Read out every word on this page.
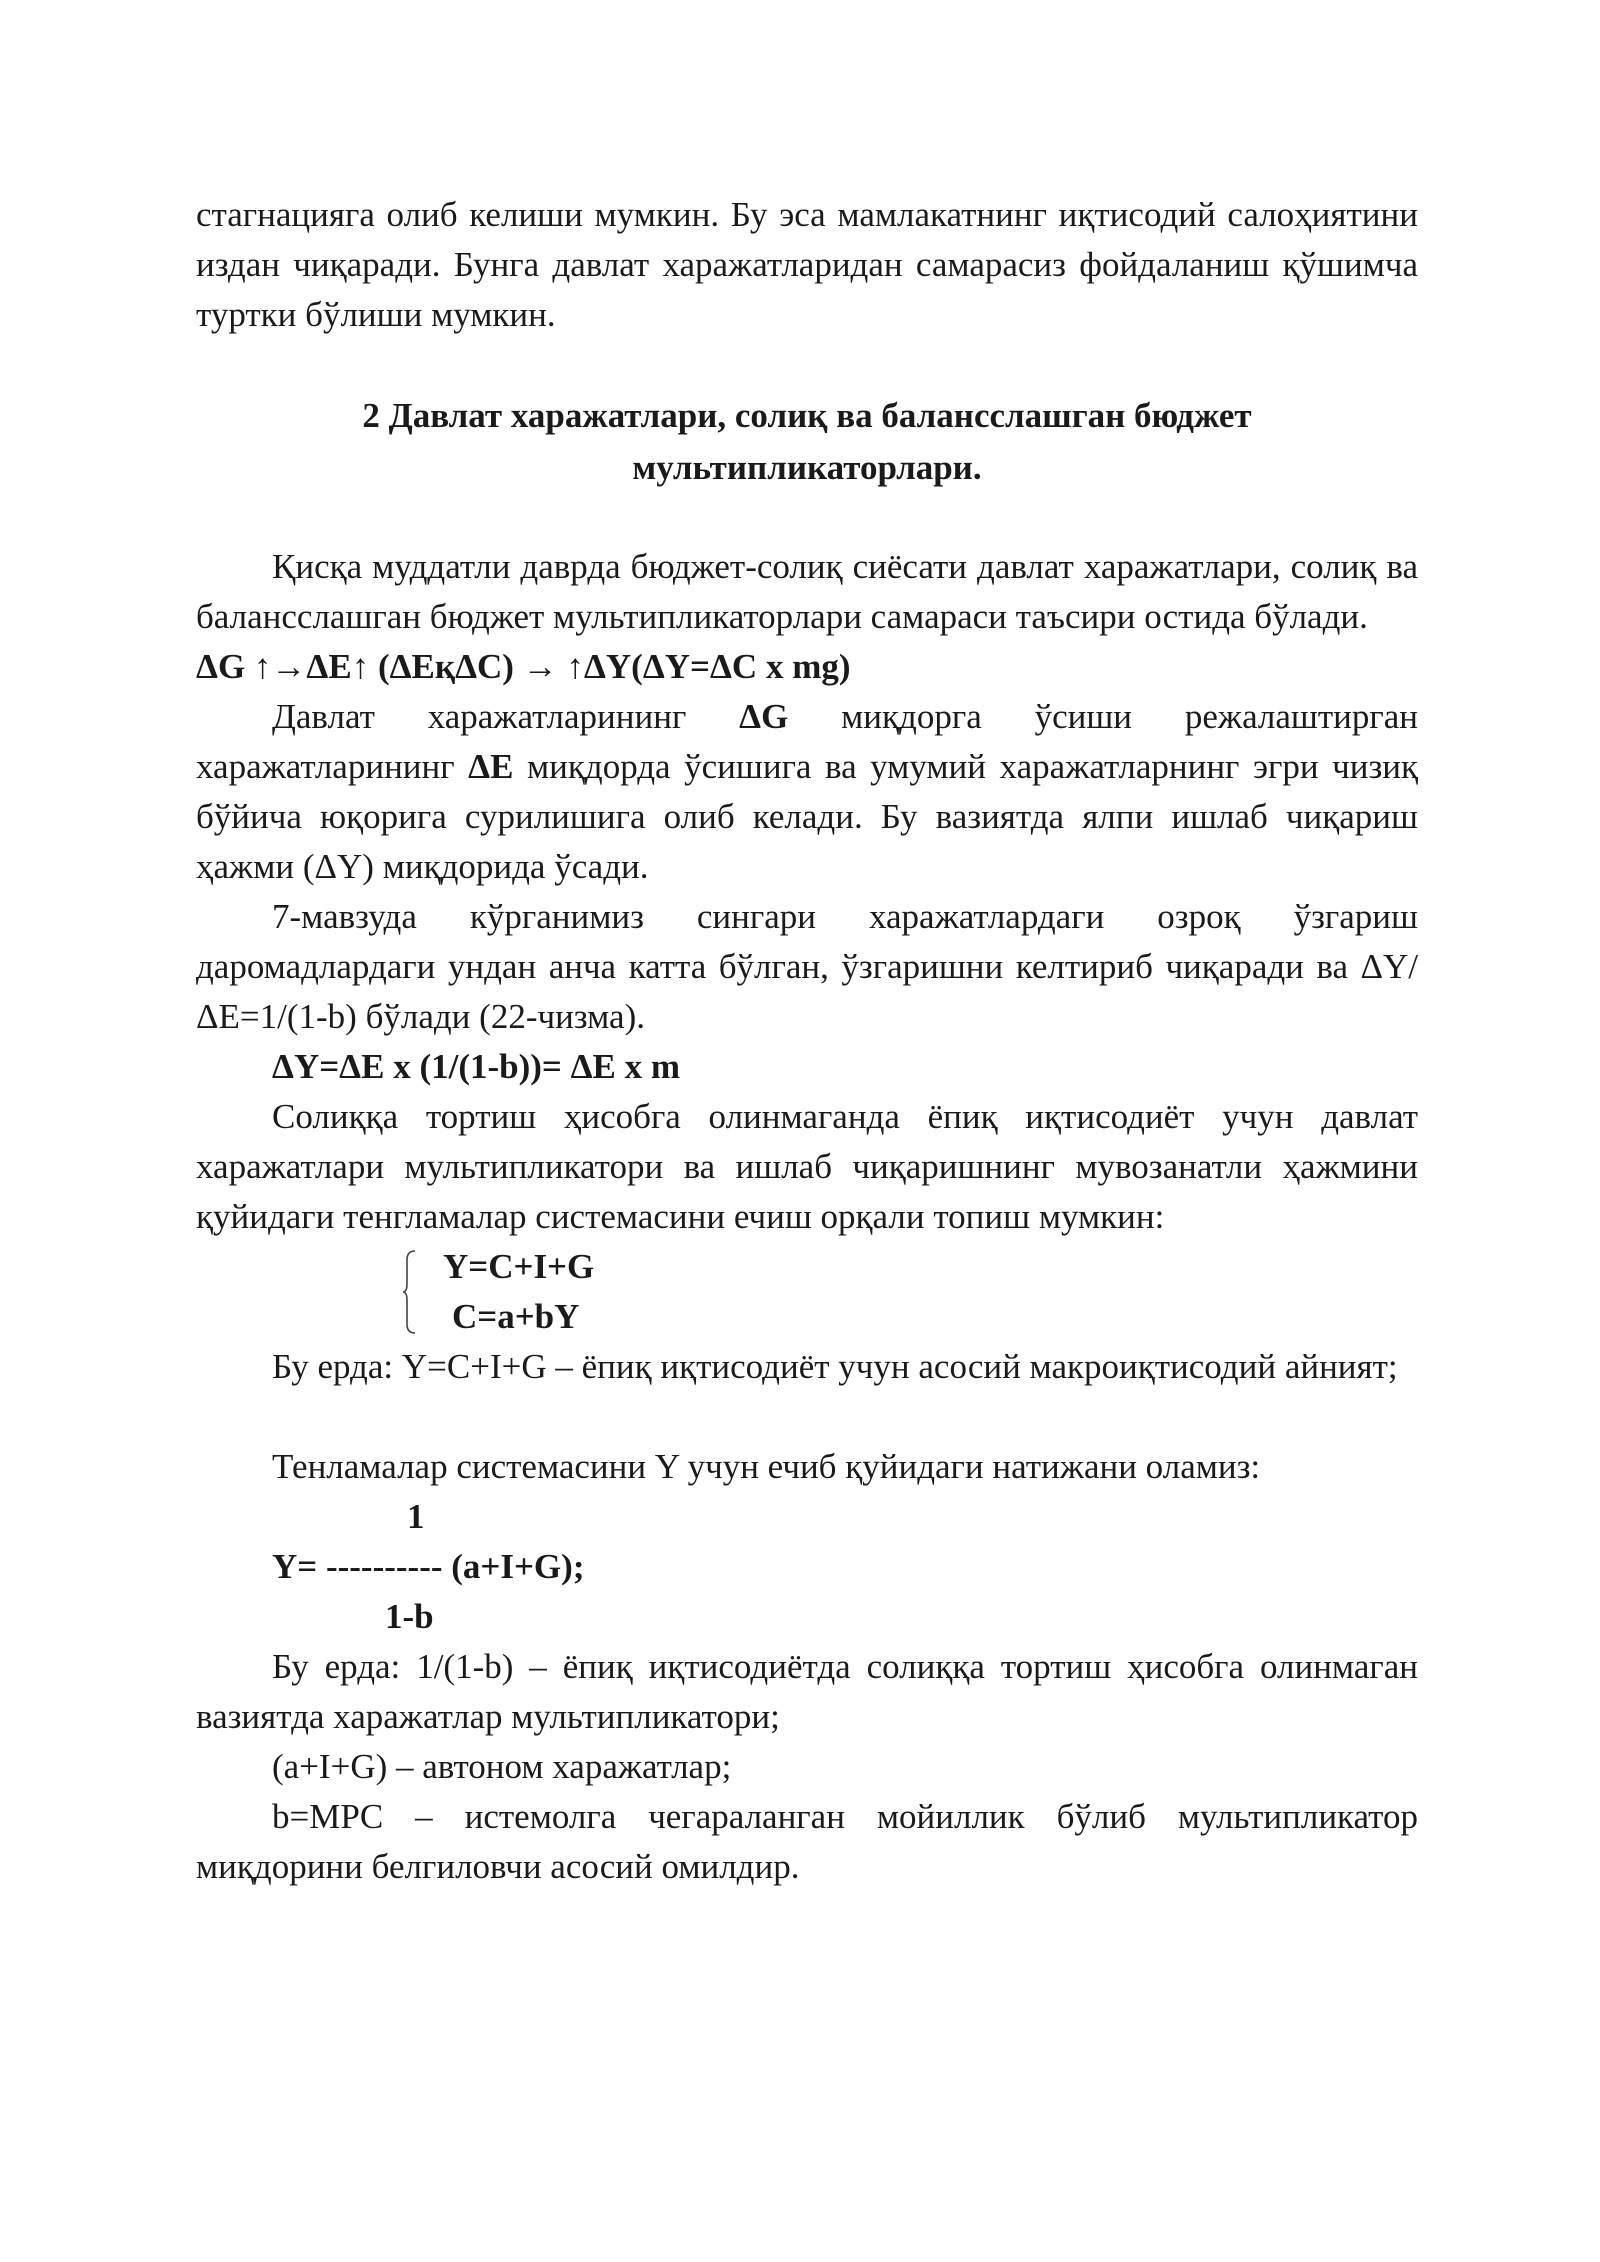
стагнацияга олиб келиши мумкин. Бу эса мамлакатнинг иқтисодий салоҳиятини издан чиқаради. Бунга давлат харажатларидан самарасиз фойдаланиш қўшимча туртки бўлиши мумкин.

2 Давлат харажатлари, солиқ ва балансслашган бюджет

мультипликаторлари.

Қисқа муддатли даврда бюджет-солиқ сиёсати давлат харажатлари, солиқ ва балансслашган бюджет мультипликаторлари самараси таъсири остида бўлади.

ΔG ↑→ΔE↑ (ΔEқΔC) → ↑ΔY(ΔY=ΔC x mg)

Давлат харажатларининг ΔG миқдорга ўсиши режалаштирган харажатларининг ΔE миқдорда ўсишига ва умумий харажатларнинг эгри чизиқ бўйича юқорига сурилишига олиб келади. Бу вазиятда ялпи ишлаб чиқариш ҳажми (ΔY) миқдорида ўсади.

7-мавзуда кўрганимиз сингари харажатлардаги озроқ ўзгариш даромадлардаги ундан анча катта бўлган, ўзгаришни келтириб чиқаради ва ΔY/ ΔE=1/(1-b) бўлади (22-чизма).

ΔY=ΔE x (1/(1-b))= ΔE x m

Солиққа тортиш ҳисобга олинмаганда ёпиқ иқтисодиёт учун давлат харажатлари мультипликатори ва ишлаб чиқаришнинг мувозанатли ҳажмини қуйидаги тенгламалар системасини ечиш орқали топиш мумкин:

Y=C+I+G
C=a+bY

Бу ерда: Y=C+I+G – ёпиқ иқтисодиёт учун асосий макроиқтисодий айният;

Тенламалар системасини Y учун ечиб қуйидаги натижани оламиз:

1
Y= ---------- (a+I+G);
1-b

Бу ерда: 1/(1-b) – ёпиқ иқтисодиётда солиққа тортиш ҳисобга олинмаган вазиятда харажатлар мультипликатори;

(a+I+G) – автоном харажатлар;

b=MPC – истемолга чегараланган мойиллик бўлиб мультипликатор миқдорини белгиловчи асосий омилдир.
